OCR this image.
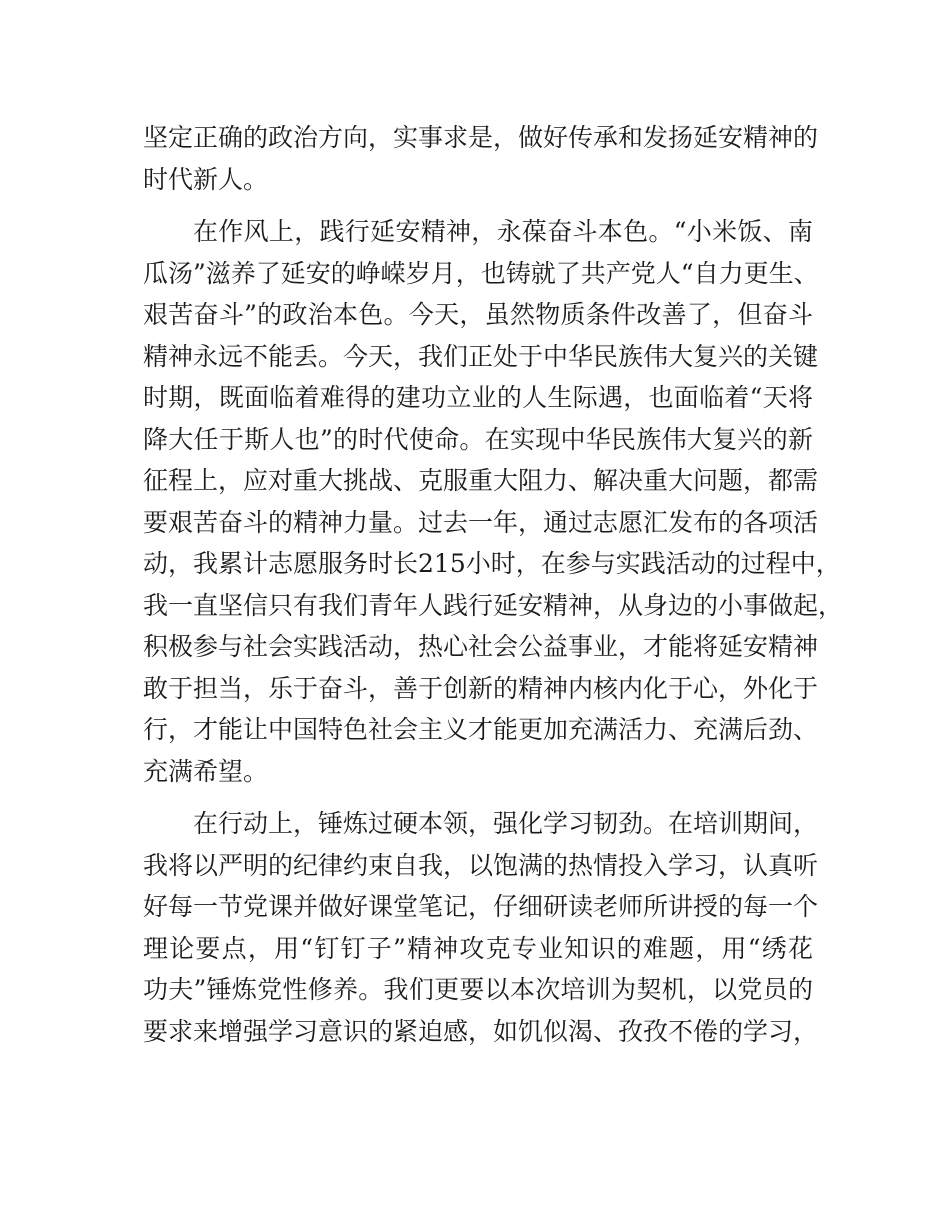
坚定正确的政治方向，实事求是，做好传承和发扬延安精神的
时代新人。
在作风上，践行延安精神，永葆奋斗本色。“小米饭、南
瓜汤”滋养了延安的峥嵘岁月，也铸就了共产党人“自力更生、
艰苦奋斗”的政治本色。今天，虽然物质条件改善了，但奋斗
精神永远不能丢。今天，我们正处于中华民族伟大复兴的关键
时期，既面临着难得的建功立业的人生际遇，也面临着“天将
降大任于斯人也”的时代使命。在实现中华民族伟大复兴的新
征程上，应对重大挑战、克服重大阻力、解决重大问题，都需
要艰苦奋斗的精神力量。过去一年，通过志愿汇发布的各项活
动，我累计志愿服务时长215小时，在参与实践活动的过程中，
我一直坚信只有我们青年人践行延安精神，从身边的小事做起，
积极参与社会实践活动，热心社会公益事业，才能将延安精神
敢于担当，乐于奋斗，善于创新的精神内核内化于心，外化于
行，才能让中国特色社会主义才能更加充满活力、充满后劲、
充满希望。
在行动上，锤炼过硬本领，强化学习韧劲。在培训期间，
我将以严明的纪律约束自我，以饱满的热情投入学习，认真听
好每一节党课并做好课堂笔记，仔细研读老师所讲授的每一个
理论要点，用“钉钉子”精神攻克专业知识的难题，用“绣花
功夫”锤炼党性修养。我们更要以本次培训为契机，以党员的
要求来增强学习意识的紧迫感，如饥似渴、孜孜不倦的学习，
